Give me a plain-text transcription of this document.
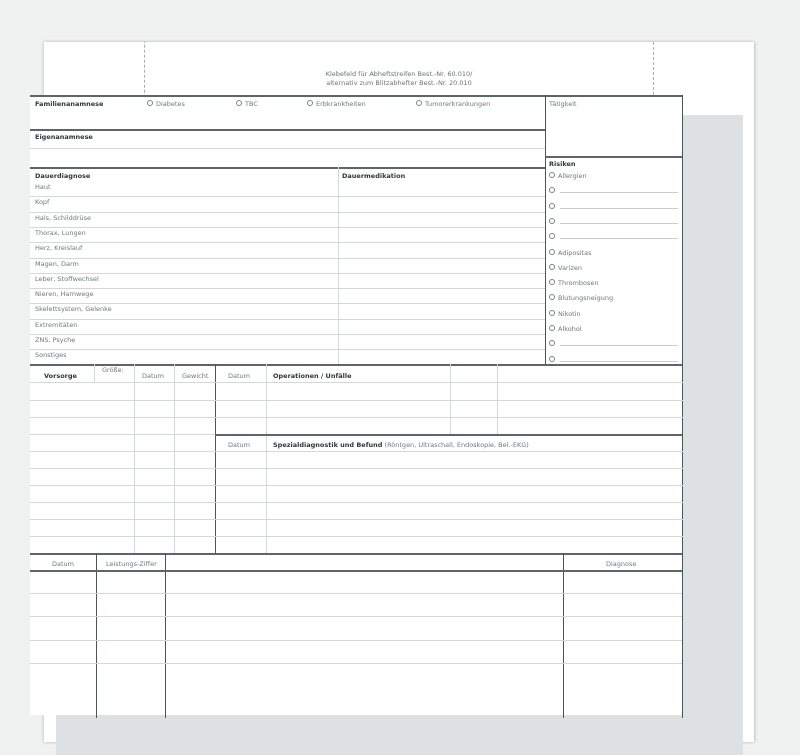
Klebefeld für Abheftstreifen Best.-Nr. 60.010/
alternativ zum Blitzabhefter Best.-Nr. 20.010
Familienanamnese	Diabetes	TBC	Erbkrankheiten	Tumorerkrankungen	Tätigkeit
Eigenanamnese
Dauerdiagnose	Dauermedikation
Haut
Kopf
Hals, Schilddrüse
Thorax, Lungen
Herz, Kreislauf
Magen, Darm
Leber, Stoffwechsel
Nieren, Harnwege
Skelettsystem, Gelenke
Extremitäten
ZNS, Psyche
Sonstiges
Risiken
Allergien
Adipositas
Varizen
Thrombosen
Blutungsneigung
Nikotin
Alkohol
Vorsorge
Größe:
Datum	Gewicht	Datum	Operationen / Unfälle
Datum	Spezialdiagnostik und Befund (Röntgen, Ultraschall, Endoskopie, Bel.-EKG)
Datum	Leistungs-Ziffer	Diagnose
